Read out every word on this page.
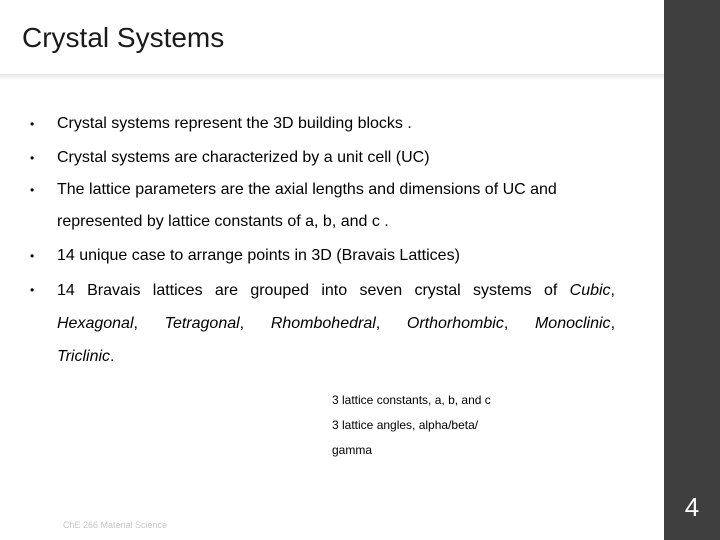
Crystal Systems
• Crystal systems represent the 3D building blocks .
• Crystal systems are characterized by a unit cell (UC)
• The lattice parameters are the axial lengths and dimensions of UC and represented by lattice constants of a, b, and c .
• 14 unique case to arrange points in 3D (Bravais Lattices)
• 14 Bravais lattices are grouped into seven crystal systems of Cubic,
Hexagonal, Tetragonal, Rhombohedral, Orthorhombic, Monoclinic,
Triclinic.
3 lattice constants, a, b, and c
3 lattice angles, alpha/beta/
gamma
ChE 266 Material Science
4
